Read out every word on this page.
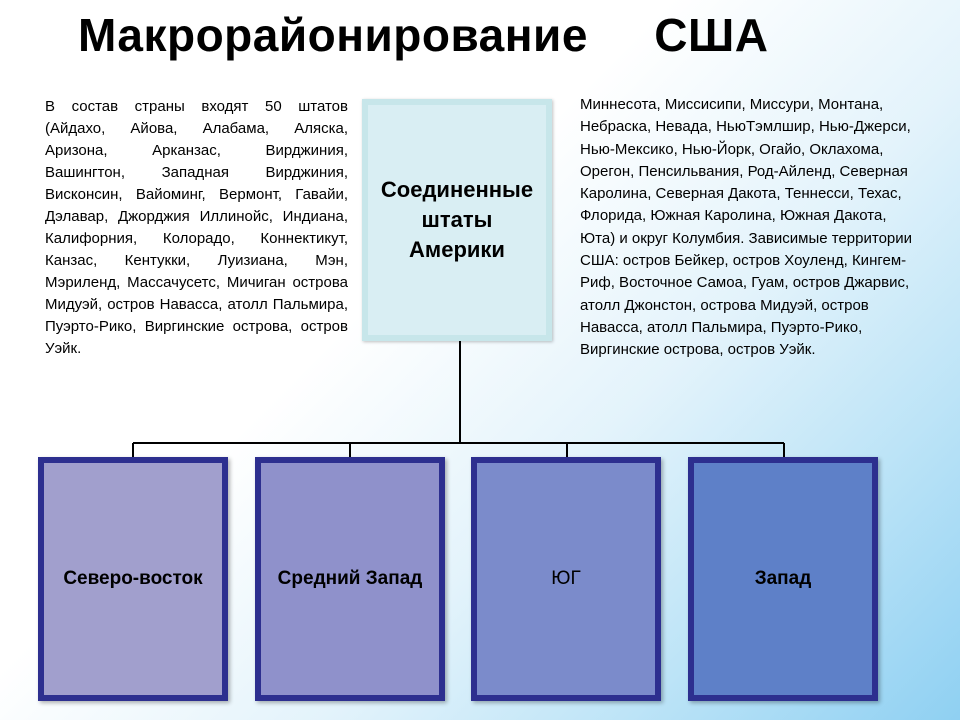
Макрорайонирование     США
В состав страны входят 50 штатов (Айдахо, Айова, Алабама, Аляска, Аризона, Арканзас, Вирджиния, Вашингтон, Западная Вирджиния, Висконсин, Вайоминг, Вермонт, Гавайи, Дэлавар, Джорджия Иллинойс, Индиана, Калифорния, Колорадо, Коннектикут, Канзас, Кентукки, Луизиана, Мэн, Мэриленд, Массачусетс, Мичиган острова Мидуэй, остров Навасса, атолл Пальмира, Пуэрто-Рико, Виргинские острова, остров Уэйк.
Соединенные
штаты
Америки
Миннесота, Миссисипи, Миссури, Монтана, Небраска, Невада, НьюТэмлшир, Нью-Джерси, Нью-Мексико, Нью-Йорк, Огайо, Оклахома, Орегон, Пенсильвания, Род-Айленд, Северная Каролина, Северная Дакота, Теннесси, Техас, Флорида, Южная Каролина, Южная Дакота, Юта) и округ Колумбия. Зависимые территории США: остров Бейкер, остров Хоуленд, Кингем-Риф, Восточное Самоа, Гуам, остров Джарвис, атолл Джонстон, острова Мидуэй, остров Навасса, атолл Пальмира, Пуэрто-Рико, Виргинские острова, остров Уэйк.
Северо-восток	Средний Запад	ЮГ	Запад
